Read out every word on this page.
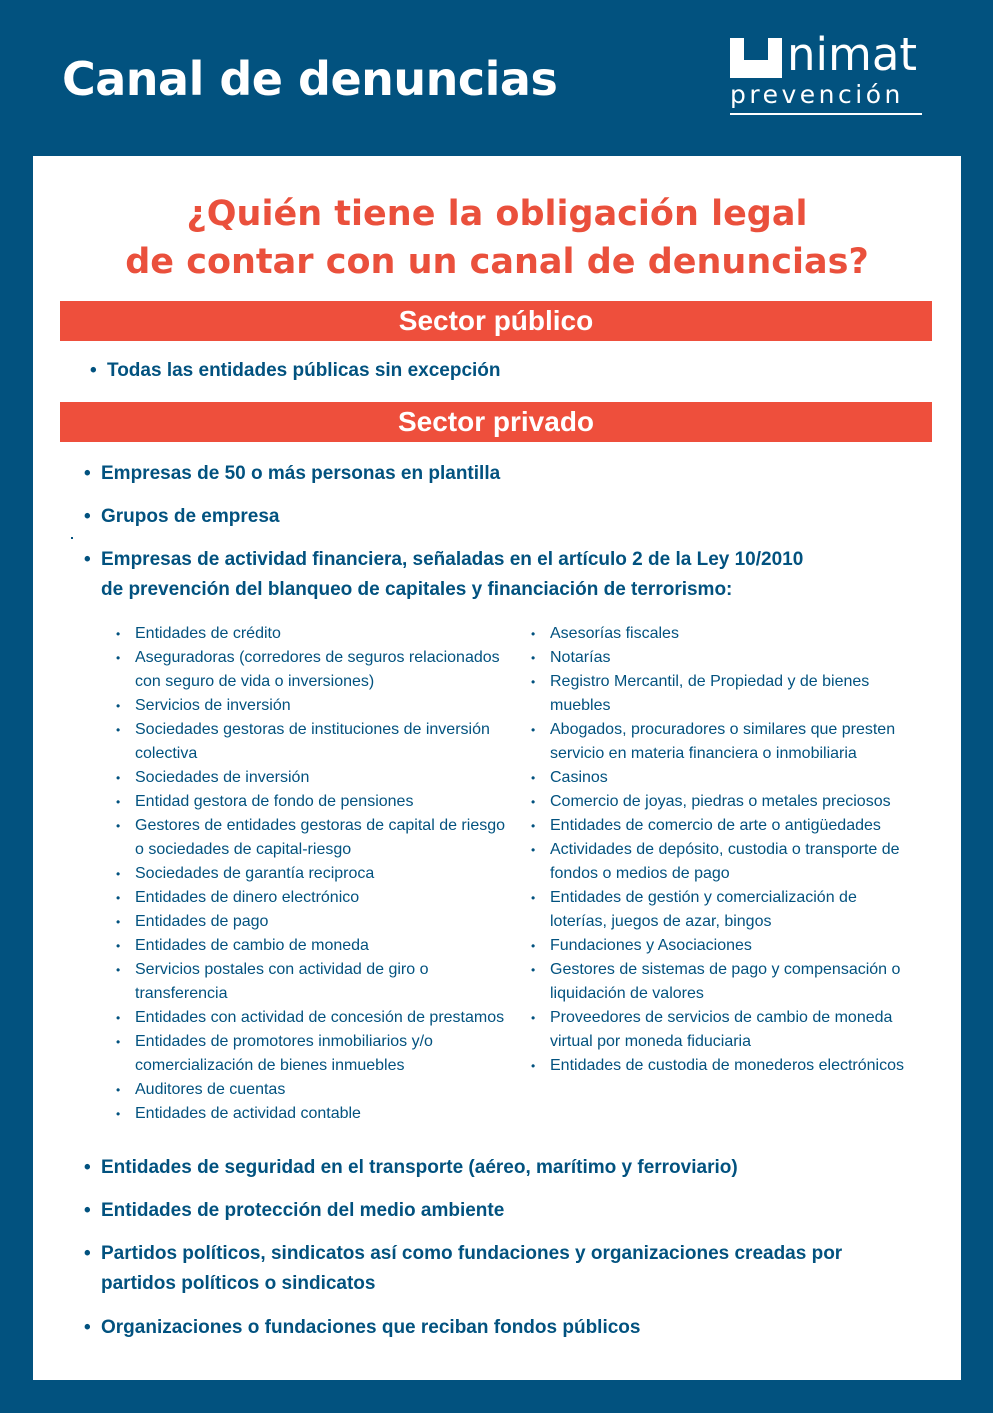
Canal de denuncias	nimat
prevención
¿Quién tiene la obligación legal
de contar con un canal de denuncias?
Sector público
• Todas las entidades públicas sin excepción
Sector privado
• Empresas de 50 o más personas en plantilla
• Grupos de empresa
• Empresas de actividad financiera, señaladas en el artículo 2 de la Ley 10/2010
de prevención del blanqueo de capitales y financiación de terrorismo:
• Entidades de crédito
• Aseguradoras (corredores de seguros relacionados
con seguro de vida o inversiones)
• Servicios de inversión
• Sociedades gestoras de instituciones de inversión
colectiva
• Sociedades de inversión
• Entidad gestora de fondo de pensiones
• Gestores de entidades gestoras de capital de riesgo
o sociedades de capital-riesgo
• Sociedades de garantía reciproca
• Entidades de dinero electrónico
• Entidades de pago
• Entidades de cambio de moneda
• Servicios postales con actividad de giro o
transferencia
• Entidades con actividad de concesión de prestamos
• Entidades de promotores inmobiliarios y/o
comercialización de bienes inmuebles
• Auditores de cuentas
• Entidades de actividad contable
• Asesorías fiscales
• Notarías
• Registro Mercantil, de Propiedad y de bienes
muebles
• Abogados, procuradores o similares que presten
servicio en materia financiera o inmobiliaria
• Casinos
• Comercio de joyas, piedras o metales preciosos
• Entidades de comercio de arte o antigüedades
• Actividades de depósito, custodia o transporte de
fondos o medios de pago
• Entidades de gestión y comercialización de
loterías, juegos de azar, bingos
• Fundaciones y Asociaciones
• Gestores de sistemas de pago y compensación o
liquidación de valores
• Proveedores de servicios de cambio de moneda
virtual por moneda fiduciaria
• Entidades de custodia de monederos electrónicos
• Entidades de seguridad en el transporte (aéreo, marítimo y ferroviario)
• Entidades de protección del medio ambiente
• Partidos políticos, sindicatos así como fundaciones y organizaciones creadas por
partidos políticos o sindicatos
• Organizaciones o fundaciones que reciban fondos públicos
